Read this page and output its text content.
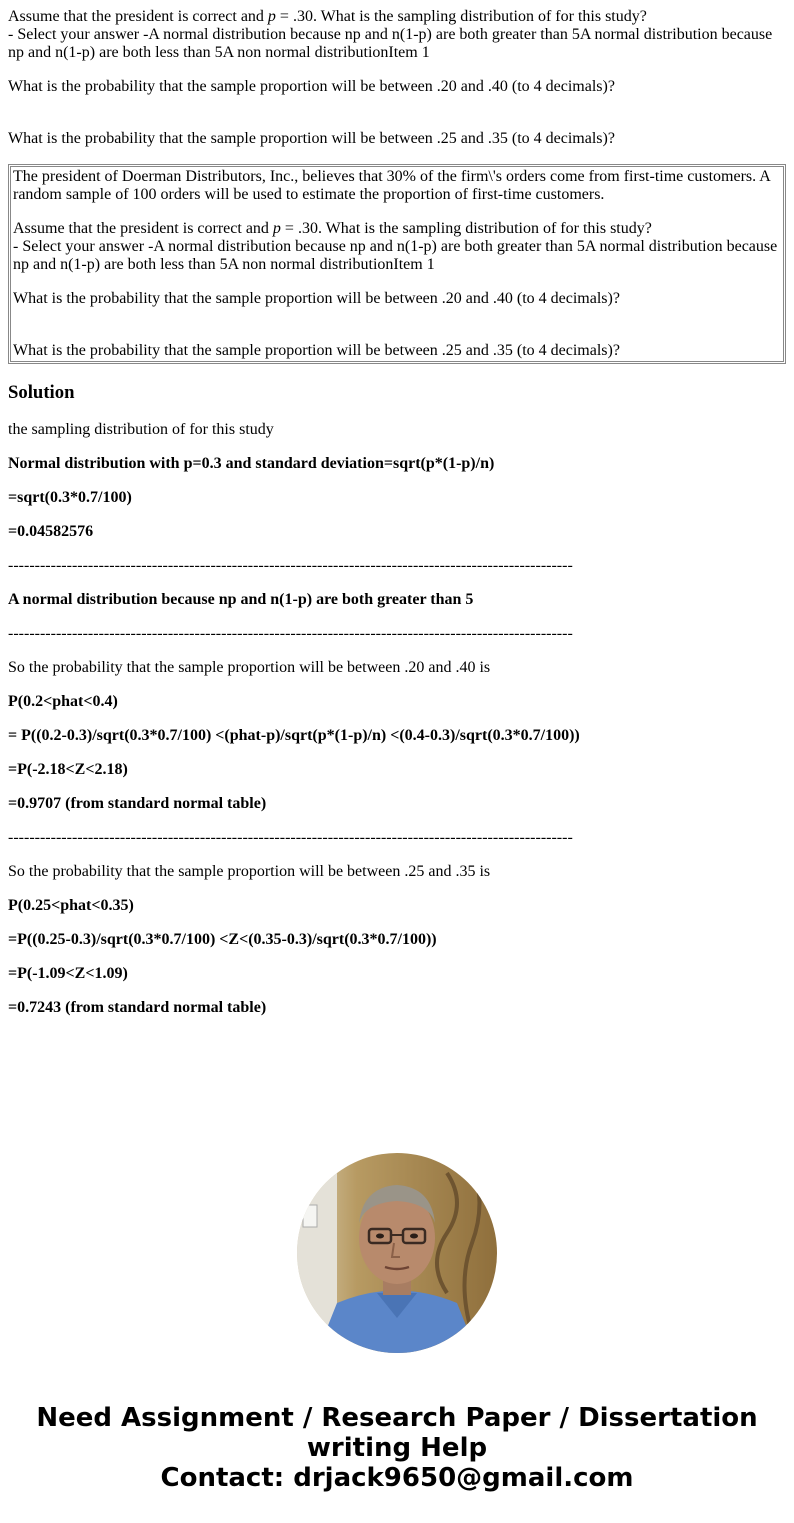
Assume that the president is correct and p = .30. What is the sampling distribution of for this study?
- Select your answer -A normal distribution because np and n(1-p) are both greater than 5A normal distribution because np and n(1-p) are both less than 5A non normal distributionItem 1

What is the probability that the sample proportion will be between .20 and .40 (to 4 decimals)?

What is the probability that the sample proportion will be between .25 and .35 (to 4 decimals)?

The president of Doerman Distributors, Inc., believes that 30% of the firm\'s orders come from first-time customers. A random sample of 100 orders will be used to estimate the proportion of first-time customers.

Assume that the president is correct and p = .30. What is the sampling distribution of for this study?
- Select your answer -A normal distribution because np and n(1-p) are both greater than 5A normal distribution because np and n(1-p) are both less than 5A non normal distributionItem 1

What is the probability that the sample proportion will be between .20 and .40 (to 4 decimals)?

What is the probability that the sample proportion will be between .25 and .35 (to 4 decimals)?

Solution

the sampling distribution of for this study

Normal distribution with p=0.3 and standard deviation=sqrt(p*(1-p)/n)

=sqrt(0.3*0.7/100)

=0.04582576

----------------------------------------------------------------------------------------------------------

A normal distribution because np and n(1-p) are both greater than 5

----------------------------------------------------------------------------------------------------------

So the probability that the sample proportion will be between .20 and .40 is

P(0.2<phat<0.4)

= P((0.2-0.3)/sqrt(0.3*0.7/100) <(phat-p)/sqrt(p*(1-p)/n) <(0.4-0.3)/sqrt(0.3*0.7/100))

=P(-2.18<Z<2.18)

=0.9707 (from standard normal table)

----------------------------------------------------------------------------------------------------------

So the probability that the sample proportion will be between .25 and .35 is

P(0.25<phat<0.35)

=P((0.25-0.3)/sqrt(0.3*0.7/100) <Z<(0.35-0.3)/sqrt(0.3*0.7/100))

=P(-1.09<Z<1.09)

=0.7243 (from standard normal table)

Need Assignment / Research Paper / Dissertation
writing Help
Contact: drjack9650@gmail.com
